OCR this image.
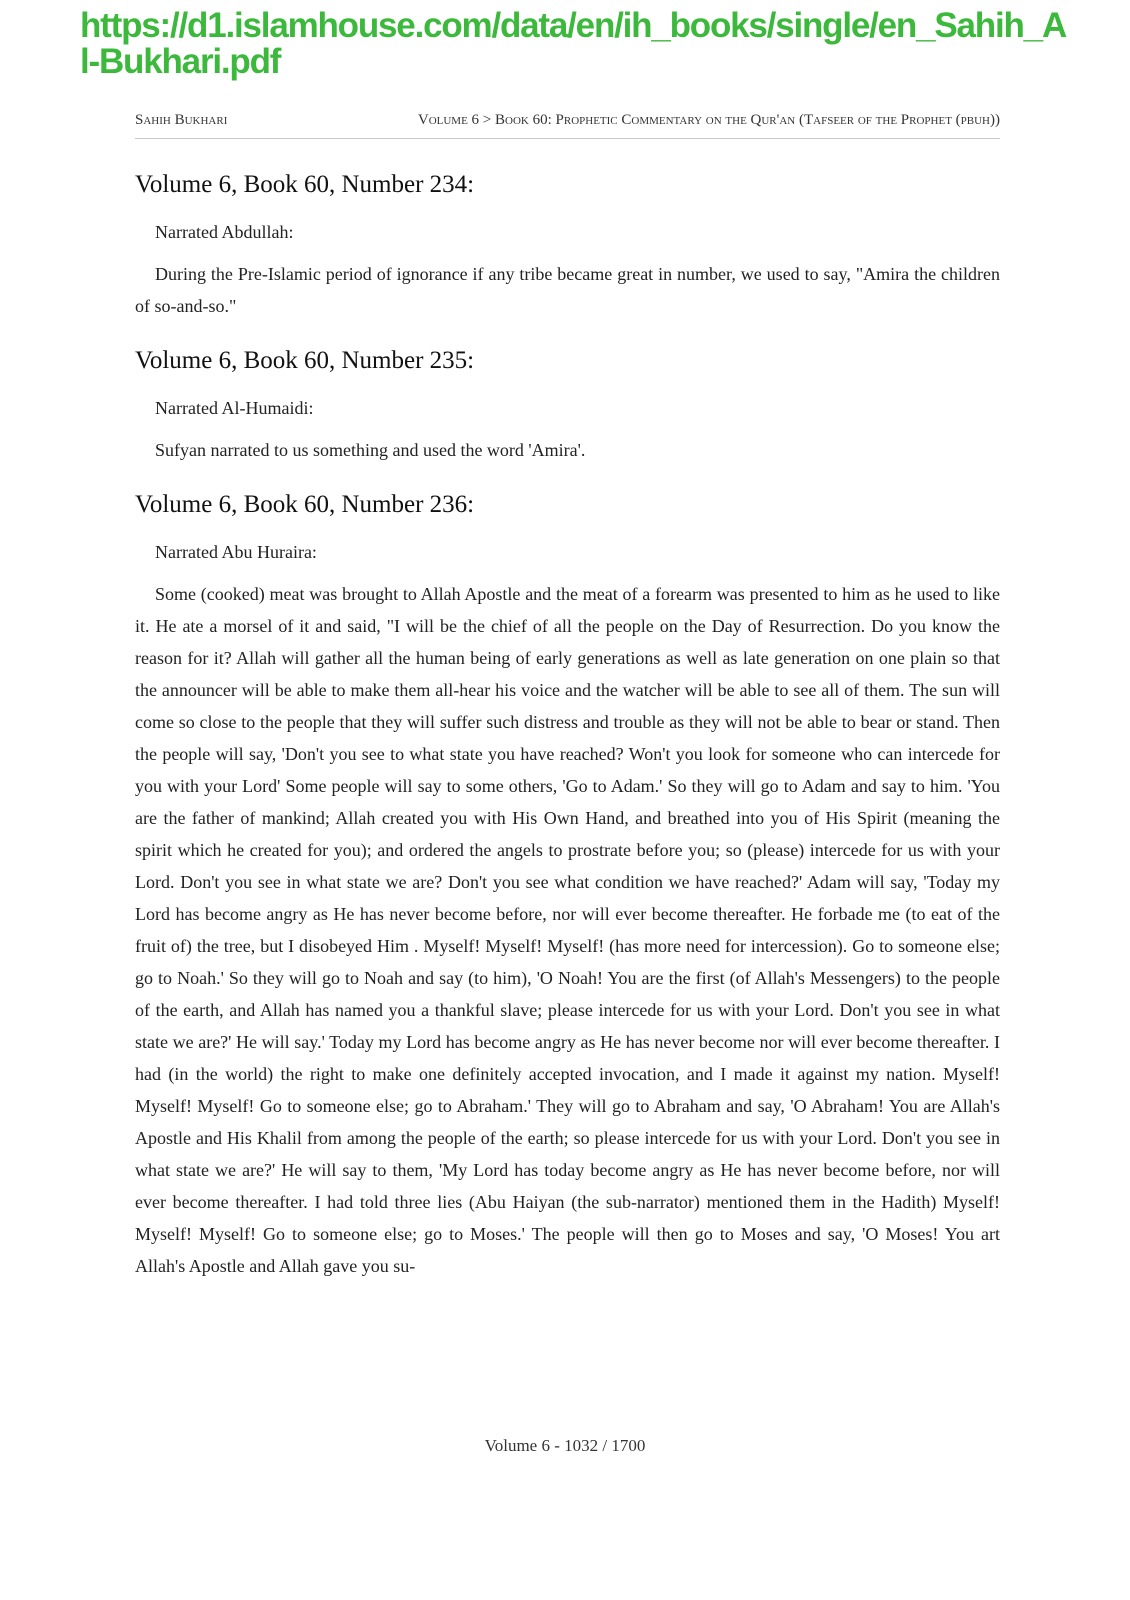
https://d1.islamhouse.com/data/en/ih_books/single/en_Sahih_Al-Bukhari.pdf
Sahih Bukhari	Volume 6 > Book 60: Prophetic Commentary on the Qur'an (Tafseer of the Prophet (pbuh))
Volume 6, Book 60, Number 234:

Narrated Abdullah:

During the Pre-Islamic period of ignorance if any tribe became great in number, we used to say, "Amira the children of so-and-so."

Volume 6, Book 60, Number 235:

Narrated Al-Humaidi:

Sufyan narrated to us something and used the word 'Amira'.

Volume 6, Book 60, Number 236:

Narrated Abu Huraira:

Some (cooked) meat was brought to Allah Apostle and the meat of a forearm was presented to him as he used to like it. He ate a morsel of it and said, "I will be the chief of all the people on the Day of Resurrection. Do you know the reason for it? Allah will gather all the human being of early generations as well as late generation on one plain so that the announcer will be able to make them all-hear his voice and the watcher will be able to see all of them. The sun will come so close to the people that they will suffer such distress and trouble as they will not be able to bear or stand. Then the people will say, 'Don't you see to what state you have reached? Won't you look for someone who can intercede for you with your Lord' Some people will say to some others, 'Go to Adam.' So they will go to Adam and say to him. 'You are the father of mankind; Allah created you with His Own Hand, and breathed into you of His Spirit (meaning the spirit which he created for you); and ordered the angels to prostrate before you; so (please) intercede for us with your Lord. Don't you see in what state we are? Don't you see what condition we have reached?' Adam will say, 'Today my Lord has become angry as He has never become before, nor will ever become thereafter. He forbade me (to eat of the fruit of) the tree, but I disobeyed Him . Myself! Myself! Myself! (has more need for intercession). Go to someone else; go to Noah.' So they will go to Noah and say (to him), 'O Noah! You are the first (of Allah's Messengers) to the people of the earth, and Allah has named you a thankful slave; please intercede for us with your Lord. Don't you see in what state we are?' He will say.' Today my Lord has become angry as He has never become nor will ever become thereafter. I had (in the world) the right to make one definitely accepted invocation, and I made it against my nation. Myself! Myself! Myself! Go to someone else; go to Abraham.' They will go to Abraham and say, 'O Abraham! You are Allah's Apostle and His Khalil from among the people of the earth; so please intercede for us with your Lord. Don't you see in what state we are?' He will say to them, 'My Lord has today become angry as He has never become before, nor will ever become thereafter. I had told three lies (Abu Haiyan (the sub-narrator) mentioned them in the Hadith) Myself! Myself! Myself! Go to someone else; go to Moses.' The people will then go to Moses and say, 'O Moses! You art Allah's Apostle and Allah gave you su-

Volume 6 - 1032 / 1700
